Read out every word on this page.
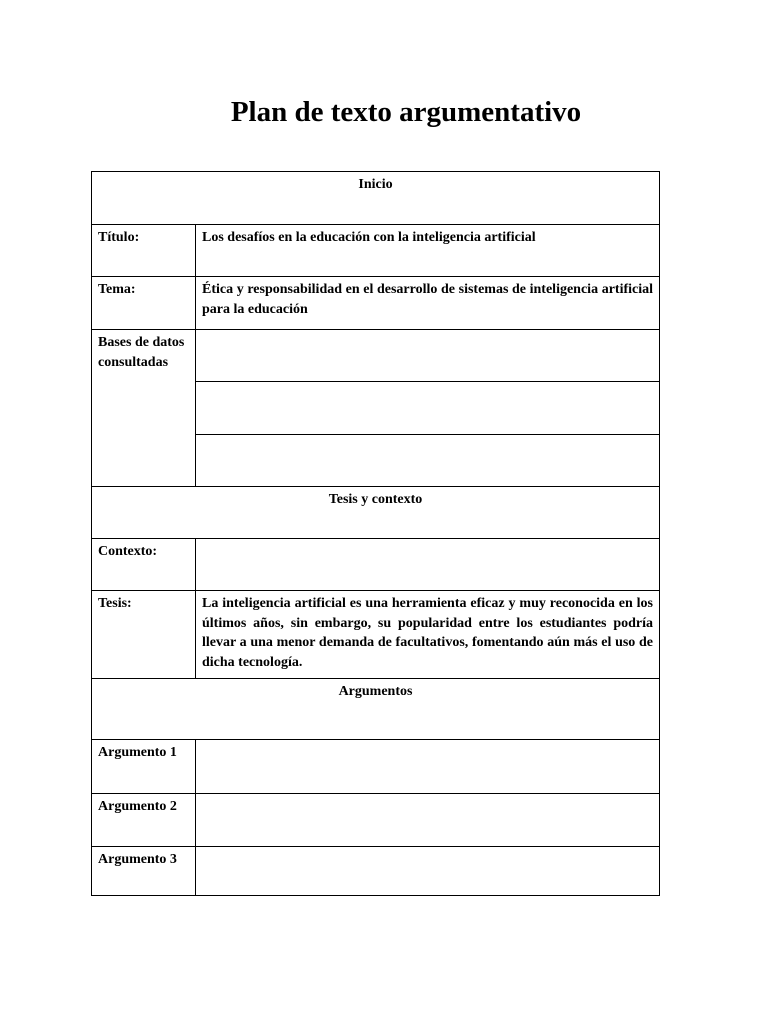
Plan de texto argumentativo
Inicio	
Título:	Los desafíos en la educación con la inteligencia artificial
Tema:	Ética y responsabilidad en el desarrollo de sistemas de inteligencia artificial para la educación
Bases de datos consultadas	

Tesis y contexto	
Contexto:	
Tesis:	La inteligencia artificial es una herramienta eficaz y muy reconocida en los últimos años, sin embargo, su popularidad entre los estudiantes podría llevar a una menor demanda de facultativos, fomentando aún más el uso de dicha tecnología.
Argumentos	
Argumento 1	
Argumento 2	
Argumento 3	
